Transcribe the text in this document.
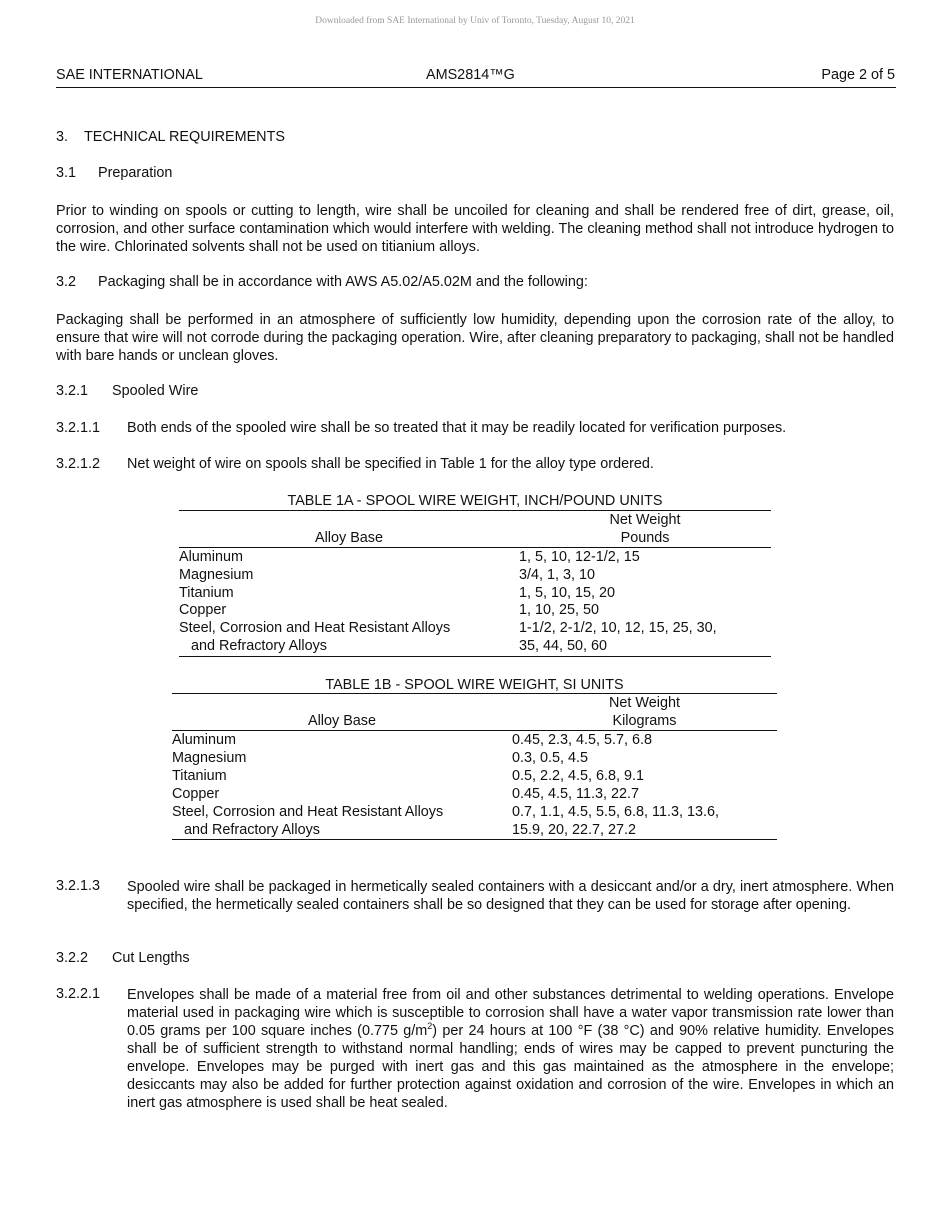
Downloaded from SAE International by Univ of Toronto, Tuesday, August 10, 2021
SAE INTERNATIONAL	AMS2814™G	Page 2 of 5
3. TECHNICAL REQUIREMENTS
3.1 Preparation
Prior to winding on spools or cutting to length, wire shall be uncoiled for cleaning and shall be rendered free of dirt, grease, oil, corrosion, and other surface contamination which would interfere with welding. The cleaning method shall not introduce hydrogen to the wire. Chlorinated solvents shall not be used on titianium alloys.
3.2 Packaging shall be in accordance with AWS A5.02/A5.02M and the following:
Packaging shall be performed in an atmosphere of sufficiently low humidity, depending upon the corrosion rate of the alloy, to ensure that wire will not corrode during the packaging operation. Wire, after cleaning preparatory to packaging, shall not be handled with bare hands or unclean gloves.
3.2.1 Spooled Wire
3.2.1.1 Both ends of the spooled wire shall be so treated that it may be readily located for verification purposes.
3.2.1.2 Net weight of wire on spools shall be specified in Table 1 for the alloy type ordered.
TABLE 1A - SPOOL WIRE WEIGHT, INCH/POUND UNITS
Net Weight
Alloy Base	Pounds
Aluminum	1, 5, 10, 12-1/2, 15
Magnesium	3/4, 1, 3, 10
Titanium	1, 5, 10, 15, 20
Copper	1, 10, 25, 50
Steel, Corrosion and Heat Resistant Alloys	1-1/2, 2-1/2, 10, 12, 15, 25, 30,
and Refractory Alloys	35, 44, 50, 60
TABLE 1B - SPOOL WIRE WEIGHT, SI UNITS
Net Weight
Alloy Base	Kilograms
Aluminum	0.45, 2.3, 4.5, 5.7, 6.8
Magnesium	0.3, 0.5, 4.5
Titanium	0.5, 2.2, 4.5, 6.8, 9.1
Copper	0.45, 4.5, 11.3, 22.7
Steel, Corrosion and Heat Resistant Alloys	0.7, 1.1, 4.5, 5.5, 6.8, 11.3, 13.6,
and Refractory Alloys	15.9, 20, 22.7, 27.2
3.2.1.3 Spooled wire shall be packaged in hermetically sealed containers with a desiccant and/or a dry, inert atmosphere. When specified, the hermetically sealed containers shall be so designed that they can be used for storage after opening.
3.2.2 Cut Lengths
3.2.2.1 Envelopes shall be made of a material free from oil and other substances detrimental to welding operations. Envelope material used in packaging wire which is susceptible to corrosion shall have a water vapor transmission rate lower than 0.05 grams per 100 square inches (0.775 $g/m^2$) per 24 hours at 100 °F (38 °C) and 90% relative humidity. Envelopes shall be of sufficient strength to withstand normal handling; ends of wires may be capped to prevent puncturing the envelope. Envelopes may be purged with inert gas and this gas maintained as the atmosphere in the envelope; desiccants may also be added for further protection against oxidation and corrosion of the wire. Envelopes in which an inert gas atmosphere is used shall be heat sealed.
